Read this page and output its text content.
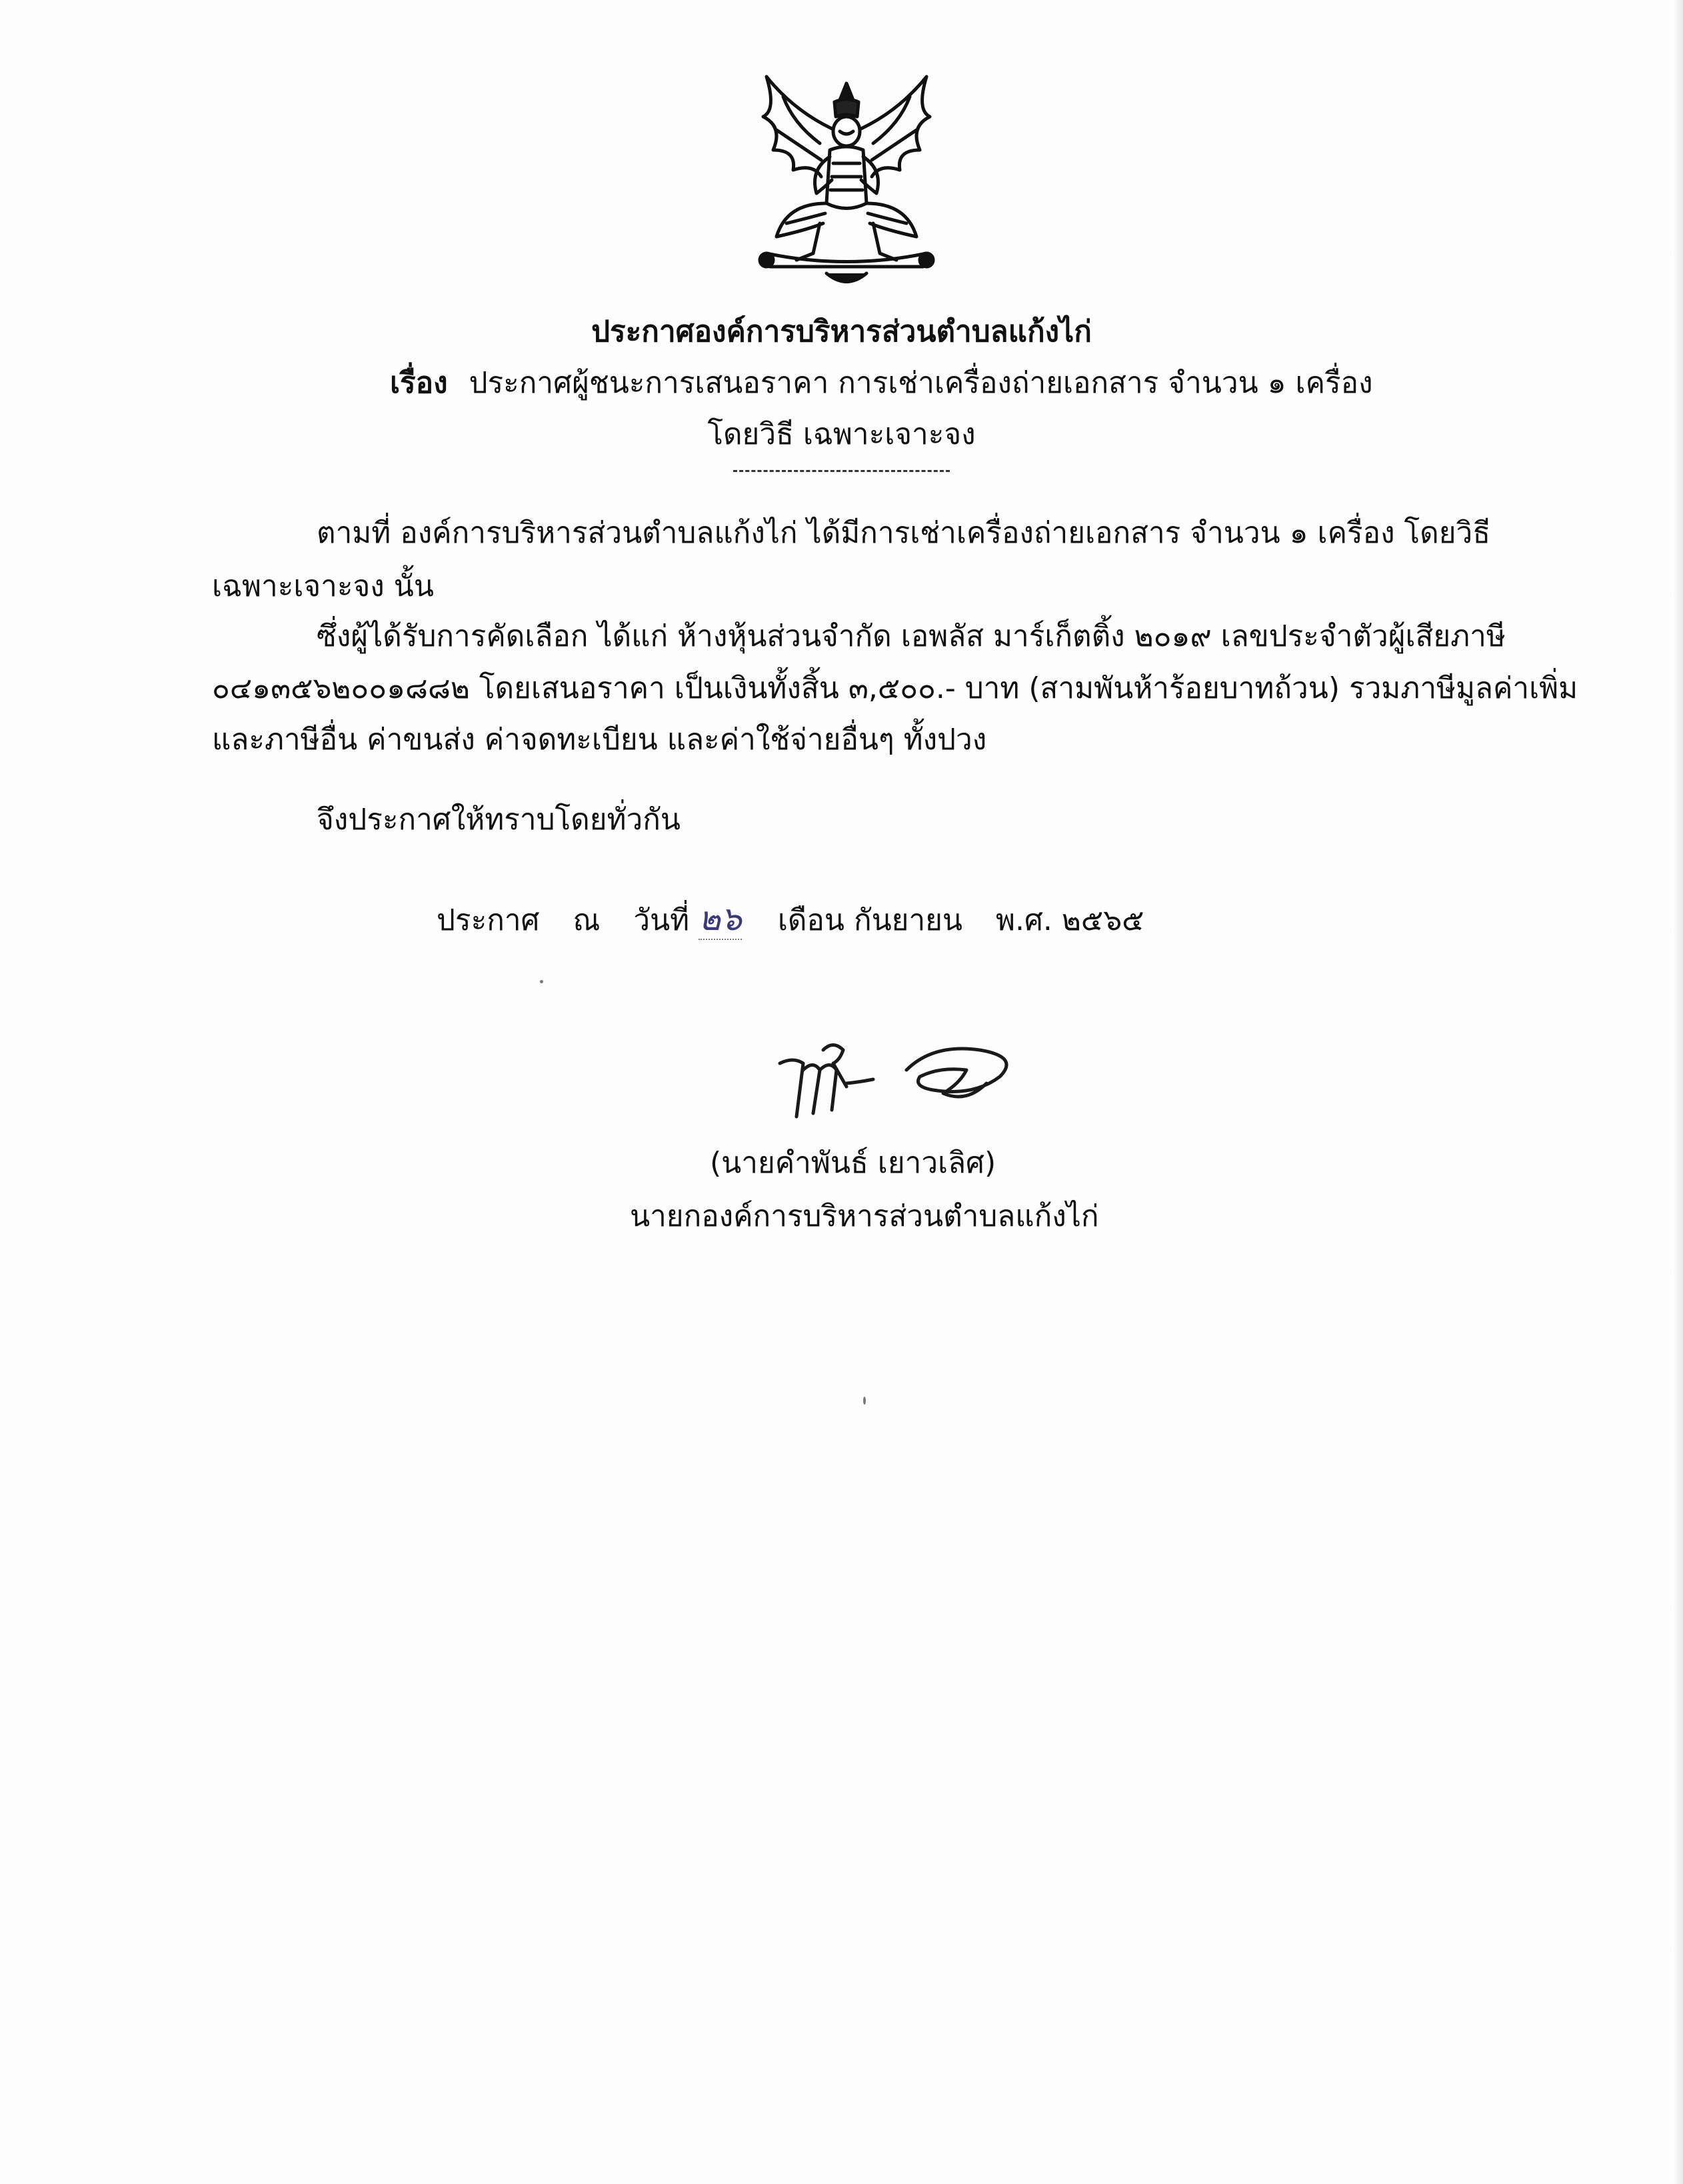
ประกาศองค์การบริหารส่วนตำบลแก้งไก่
เรื่อง ประกาศผู้ชนะการเสนอราคา การเช่าเครื่องถ่ายเอกสาร จำนวน ๑ เครื่อง
โดยวิธี เฉพาะเจาะจง
ตามที่ องค์การบริหารส่วนตำบลแก้งไก่ ได้มีการเช่าเครื่องถ่ายเอกสาร จำนวน ๑ เครื่อง โดยวิธี
เฉพาะเจาะจง นั้น
ซึ่งผู้ได้รับการคัดเลือก ได้แก่ ห้างหุ้นส่วนจำกัด เอพลัส มาร์เก็ตติ้ง ๒๐๑๙ เลขประจำตัวผู้เสียภาษี
๐๔๑๓๕๖๒๐๐๑๘๘๒ โดยเสนอราคา เป็นเงินทั้งสิ้น ๓,๕๐๐.- บาท (สามพันห้าร้อยบาทถ้วน) รวมภาษีมูลค่าเพิ่ม
และภาษีอื่น ค่าขนส่ง ค่าจดทะเบียน และค่าใช้จ่ายอื่นๆ ทั้งปวง
จึงประกาศให้ทราบโดยทั่วกัน
ประกาศ ณ วันที่ ๒๖ เดือน กันยายน พ.ศ. ๒๕๖๕
(นายคำพันธ์ เยาวเลิศ)
นายกองค์การบริหารส่วนตำบลแก้งไก่
